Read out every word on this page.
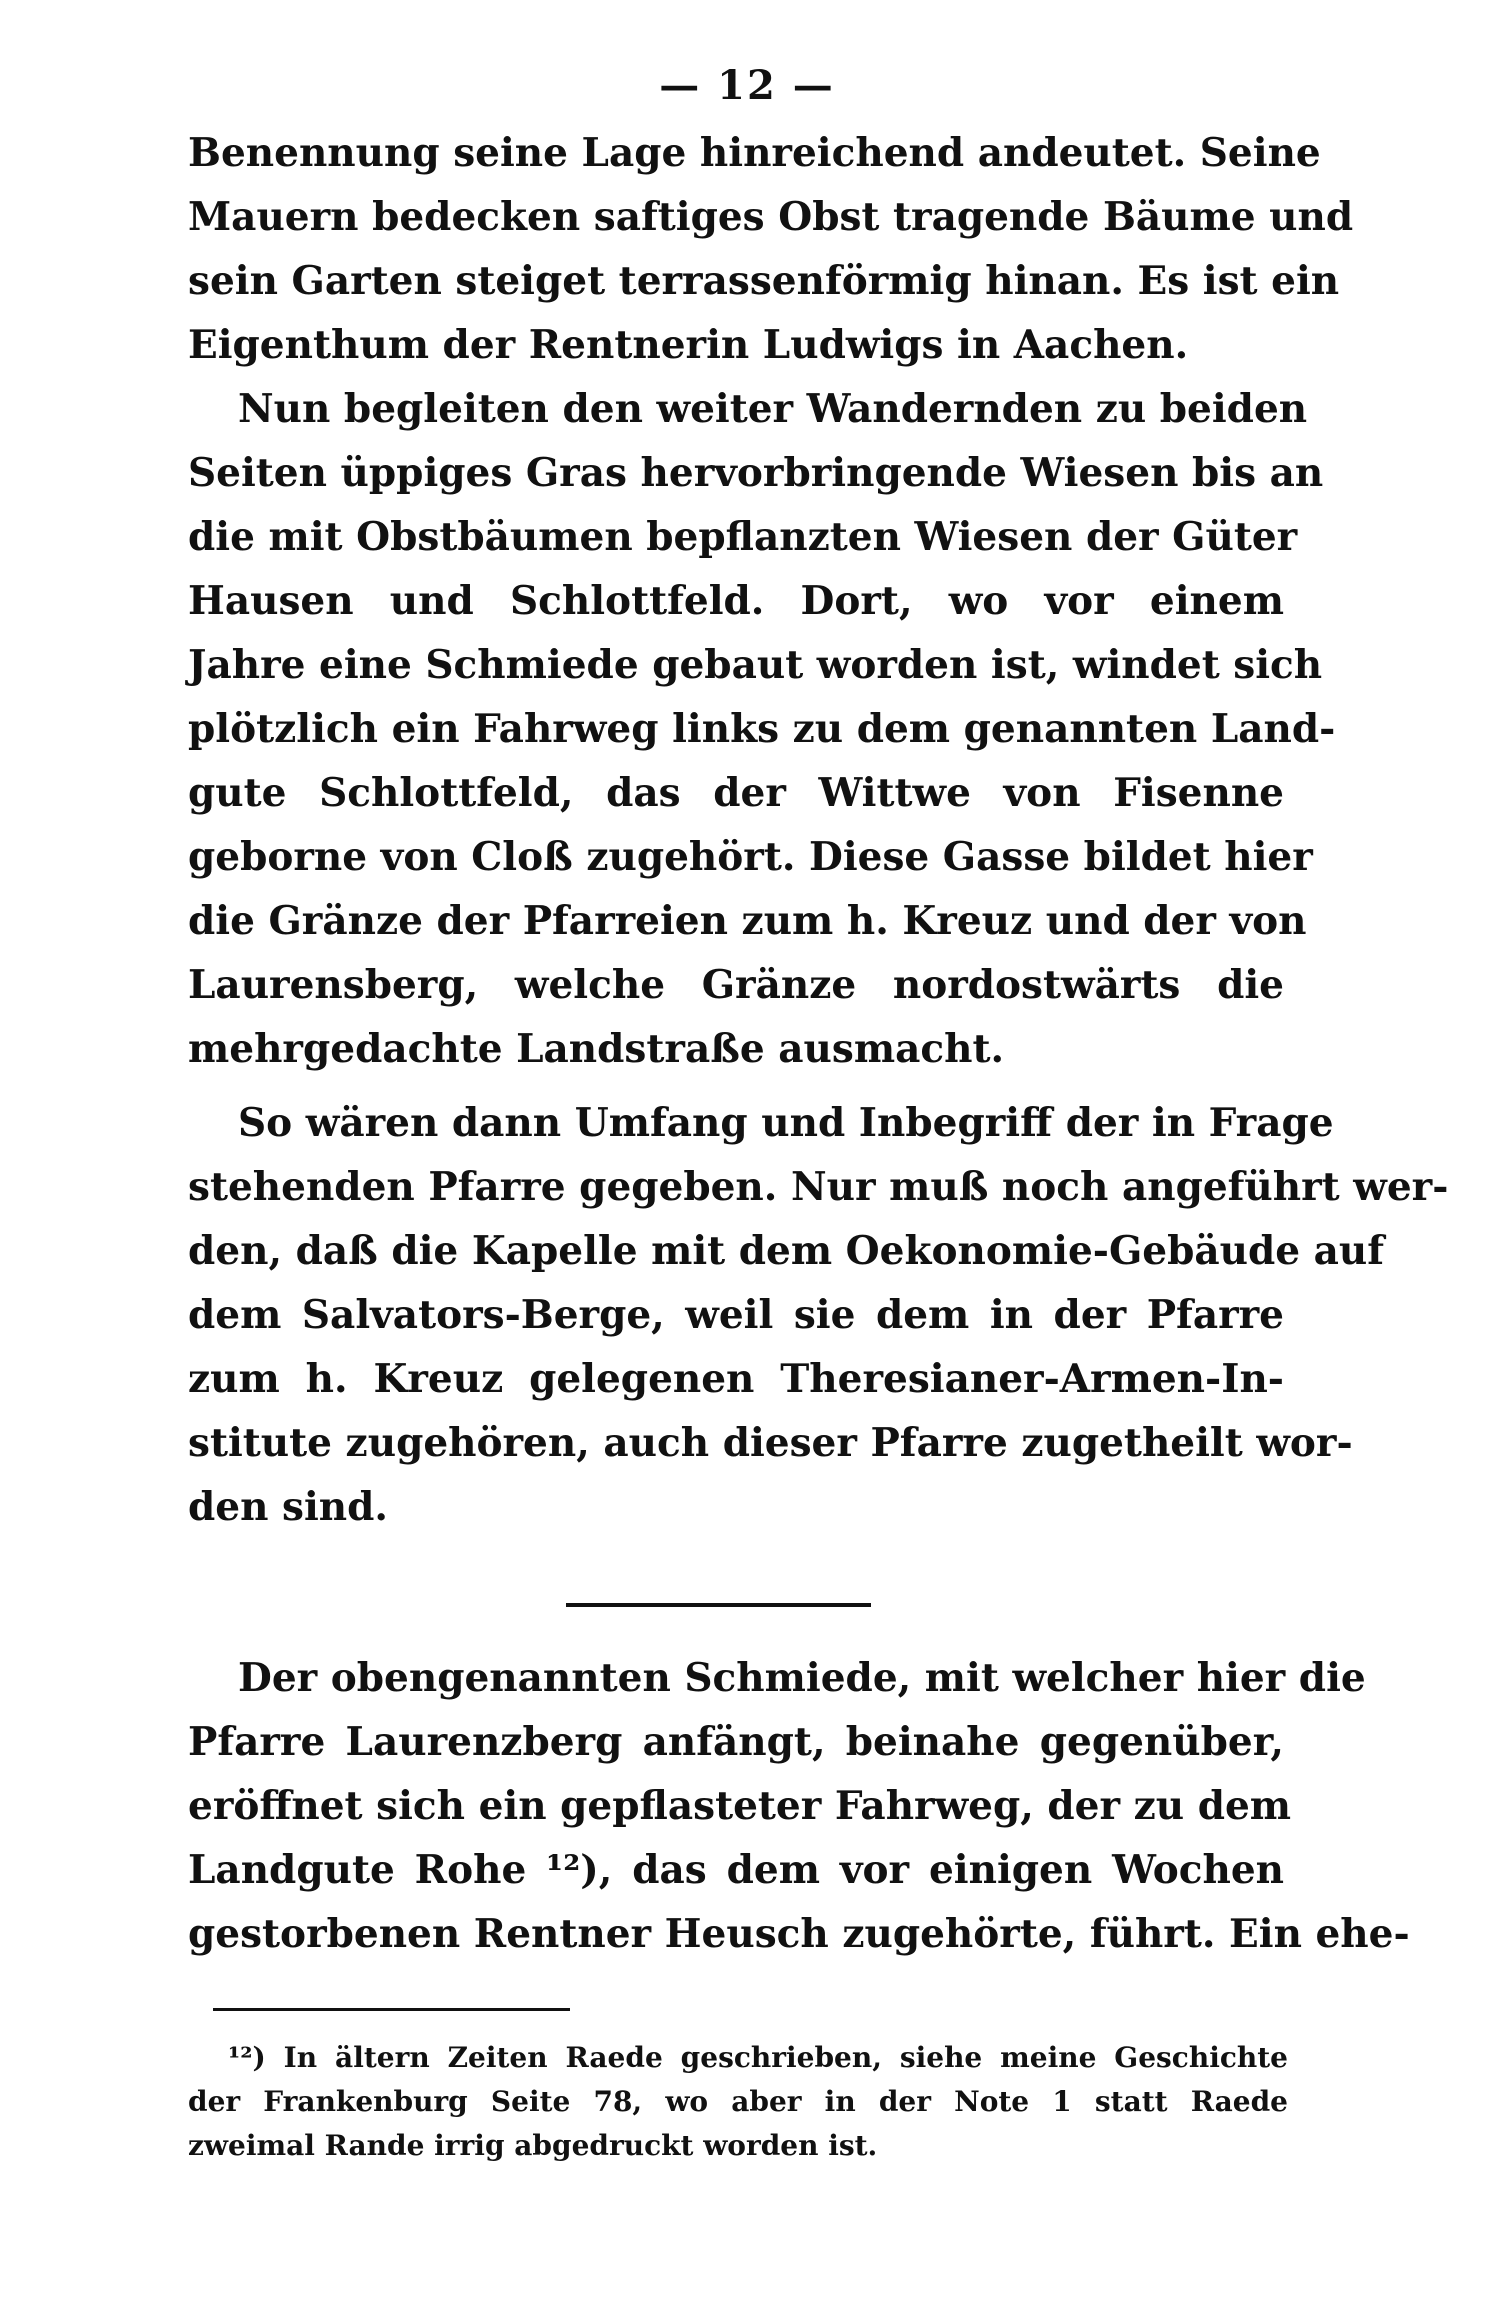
— 12 —
Benennung seine Lage hinreichend andeutet. Seine
Mauern bedecken saftiges Obst tragende Bäume und
sein Garten steiget terrassenförmig hinan. Es ist ein
Eigenthum der Rentnerin Ludwigs in Aachen.
Nun begleiten den weiter Wandernden zu beiden
Seiten üppiges Gras hervorbringende Wiesen bis an
die mit Obstbäumen bepflanzten Wiesen der Güter
Hausen und Schlottfeld. Dort, wo vor einem
Jahre eine Schmiede gebaut worden ist, windet sich
plötzlich ein Fahrweg links zu dem genannten Land-
gute Schlottfeld, das der Wittwe von Fisenne
geborne von Cloß zugehört. Diese Gasse bildet hier
die Gränze der Pfarreien zum h. Kreuz und der von
Laurensberg, welche Gränze nordostwärts die
mehrgedachte Landstraße ausmacht.
So wären dann Umfang und Inbegriff der in Frage
stehenden Pfarre gegeben. Nur muß noch angeführt wer-
den, daß die Kapelle mit dem Oekonomie-Gebäude auf
dem Salvators-Berge, weil sie dem in der Pfarre
zum h. Kreuz gelegenen Theresianer-Armen-In-
stitute zugehören, auch dieser Pfarre zugetheilt wor-
den sind.
Der obengenannten Schmiede, mit welcher hier die
Pfarre Laurenzberg anfängt, beinahe gegenüber,
eröffnet sich ein gepflasteter Fahrweg, der zu dem
Landgute Rohe ¹²), das dem vor einigen Wochen
gestorbenen Rentner Heusch zugehörte, führt. Ein ehe-
¹²) In ältern Zeiten Raede geschrieben, siehe meine Geschichte
der Frankenburg Seite 78, wo aber in der Note 1 statt Raede
zweimal Rande irrig abgedruckt worden ist.
